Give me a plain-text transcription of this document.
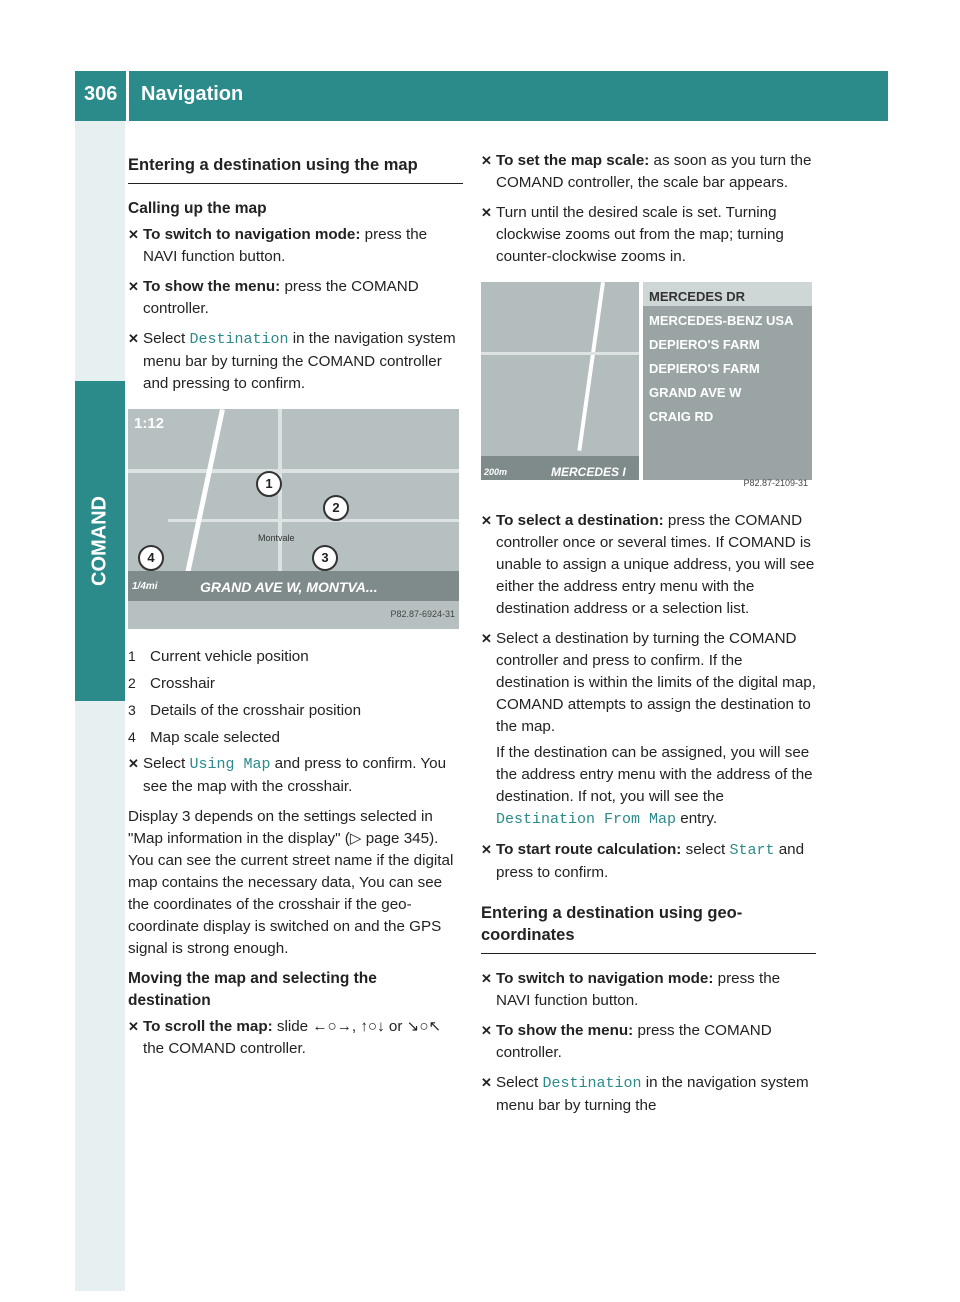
306 Navigation
COMAND
Entering a destination using the map
Calling up the map
✕ To switch to navigation mode: press the NAVI function button.
✕ To show the menu: press the COMAND controller.
✕ Select Destination in the navigation system menu bar by turning the COMAND controller and pressing to confirm.
1:12
Montvale
1
2
3
4
1/4mi	GRAND AVE W, MONTVA...
P82.87-6924-31
1 Current vehicle position
2 Crosshair
3 Details of the crosshair position
4 Map scale selected
✕ Select Using Map and press to confirm. You see the map with the crosshair.

Display 3 depends on the settings selected in "Map information in the display" (▷ page 345). You can see the current street name if the digital map contains the necessary data, You can see the coordinates of the crosshair if the geo-coordinate display is switched on and the GPS signal is strong enough.

Moving the map and selecting the destination
✕ To scroll the map: slide ←○→, ↑○↓ or ↘○↖ the COMAND controller.
✕ To set the map scale: as soon as you turn the COMAND controller, the scale bar appears.
✕ Turn until the desired scale is set. Turning clockwise zooms out from the map; turning counter-clockwise zooms in.
200m	MERCEDES I
MERCEDES DR
MERCEDES-BENZ USA
DEPIERO'S FARM
DEPIERO'S FARM
GRAND AVE W
CRAIG RD
P82.87-2109-31
✕ To select a destination: press the COMAND controller once or several times. If COMAND is unable to assign a unique address, you will see either the address entry menu with the destination address or a selection list.
✕ Select a destination by turning the COMAND controller and press to confirm. If the destination is within the limits of the digital map, COMAND attempts to assign the destination to the map.
If the destination can be assigned, you will see the address entry menu with the address of the destination. If not, you will see the Destination From Map entry.
✕ To start route calculation: select Start and press to confirm.
Entering a destination using geo-coordinates
✕ To switch to navigation mode: press the NAVI function button.
✕ To show the menu: press the COMAND controller.
✕ Select Destination in the navigation system menu bar by turning the
